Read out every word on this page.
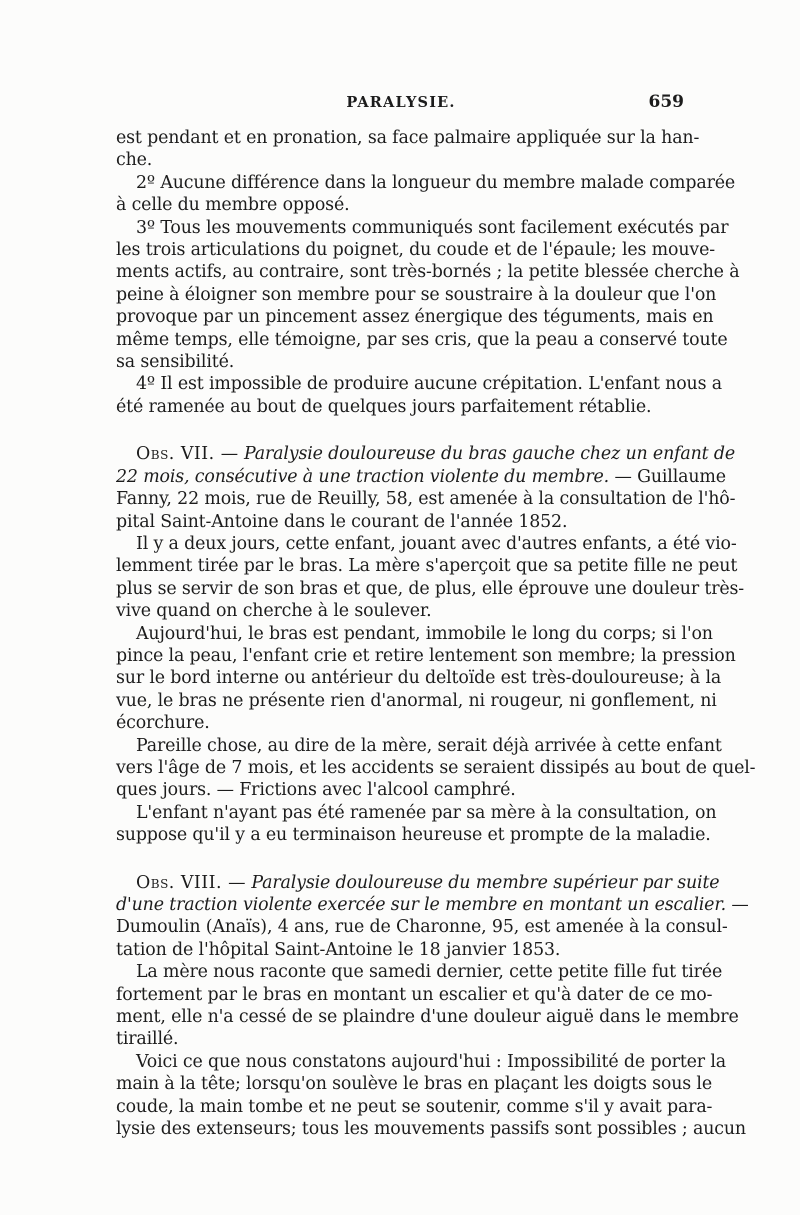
PARALYSIE.	659
est pendant et en pronation, sa face palmaire appliquée sur la han-
che.
2º Aucune différence dans la longueur du membre malade comparée
à celle du membre opposé.
3º Tous les mouvements communiqués sont facilement exécutés par
les trois articulations du poignet, du coude et de l'épaule; les mouve-
ments actifs, au contraire, sont très-bornés ; la petite blessée cherche à
peine à éloigner son membre pour se soustraire à la douleur que l'on
provoque par un pincement assez énergique des téguments, mais en
même temps, elle témoigne, par ses cris, que la peau a conservé toute
sa sensibilité.
4º Il est impossible de produire aucune crépitation. L'enfant nous a
été ramenée au bout de quelques jours parfaitement rétablie.
Obs. VII. — Paralysie douloureuse du bras gauche chez un enfant de
22 mois, consécutive à une traction violente du membre. — Guillaume
Fanny, 22 mois, rue de Reuilly, 58, est amenée à la consultation de l'hô-
pital Saint-Antoine dans le courant de l'année 1852.
Il y a deux jours, cette enfant, jouant avec d'autres enfants, a été vio-
lemment tirée par le bras. La mère s'aperçoit que sa petite fille ne peut
plus se servir de son bras et que, de plus, elle éprouve une douleur très-
vive quand on cherche à le soulever.
Aujourd'hui, le bras est pendant, immobile le long du corps; si l'on
pince la peau, l'enfant crie et retire lentement son membre; la pression
sur le bord interne ou antérieur du deltoïde est très-douloureuse; à la
vue, le bras ne présente rien d'anormal, ni rougeur, ni gonflement, ni
écorchure.
Pareille chose, au dire de la mère, serait déjà arrivée à cette enfant
vers l'âge de 7 mois, et les accidents se seraient dissipés au bout de quel-
ques jours. — Frictions avec l'alcool camphré.
L'enfant n'ayant pas été ramenée par sa mère à la consultation, on
suppose qu'il y a eu terminaison heureuse et prompte de la maladie.
Obs. VIII. — Paralysie douloureuse du membre supérieur par suite
d'une traction violente exercée sur le membre en montant un escalier. —
Dumoulin (Anaïs), 4 ans, rue de Charonne, 95, est amenée à la consul-
tation de l'hôpital Saint-Antoine le 18 janvier 1853.
La mère nous raconte que samedi dernier, cette petite fille fut tirée
fortement par le bras en montant un escalier et qu'à dater de ce mo-
ment, elle n'a cessé de se plaindre d'une douleur aiguë dans le membre
tiraillé.
Voici ce que nous constatons aujourd'hui : Impossibilité de porter la
main à la tête; lorsqu'on soulève le bras en plaçant les doigts sous le
coude, la main tombe et ne peut se soutenir, comme s'il y avait para-
lysie des extenseurs; tous les mouvements passifs sont possibles ; aucun
